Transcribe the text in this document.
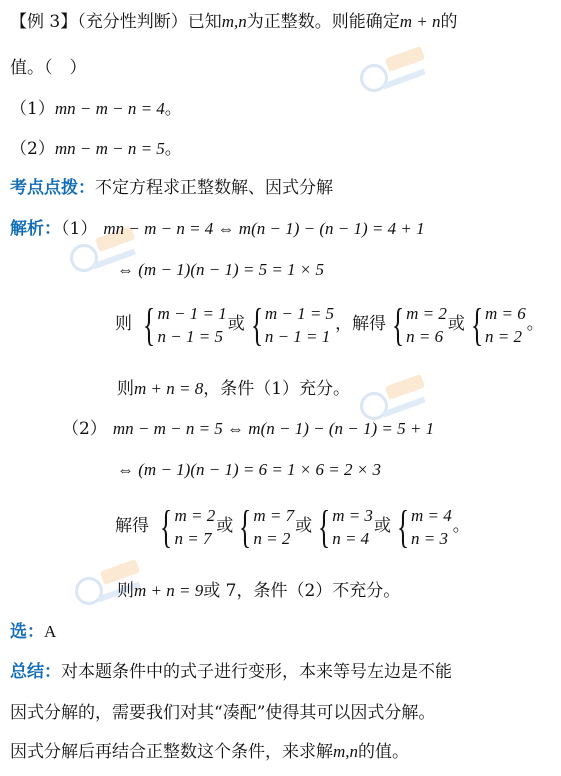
【例 3】（充分性判断）已知m,n为正整数。则能确定m + n的
值。（　）
（1）mn − m − n = 4。
（2）mn − m − n = 5。
考点点拨：不定方程求正整数解、因式分解
解析：（1） mn − m − n = 4 ⇔ m(n − 1) − (n − 1) = 4 + 1
⇔ (m − 1)(n − 1) = 5 = 1 × 5
则 { m − 1 = 1
n − 1 = 5
或 { m − 1 = 5
n − 1 = 1
，解得 { m = 2
n = 6
或 { m = 6
n = 2
。
则m + n = 8，条件（1）充分。
（2） mn − m − n = 5 ⇔ m(n − 1) − (n − 1) = 5 + 1
⇔ (m − 1)(n − 1) = 6 = 1 × 6 = 2 × 3
解得 { m = 2
n = 7
或 { m = 7
n = 2
或 { m = 3
n = 4
或 { m = 4
n = 3
。
则m + n = 9或 7，条件（2）不充分。
选：A
总结：对本题条件中的式子进行变形，本来等号左边是不能
因式分解的，需要我们对其“凑配”使得其可以因式分解。
因式分解后再结合正整数这个条件，来求解m,n的值。
